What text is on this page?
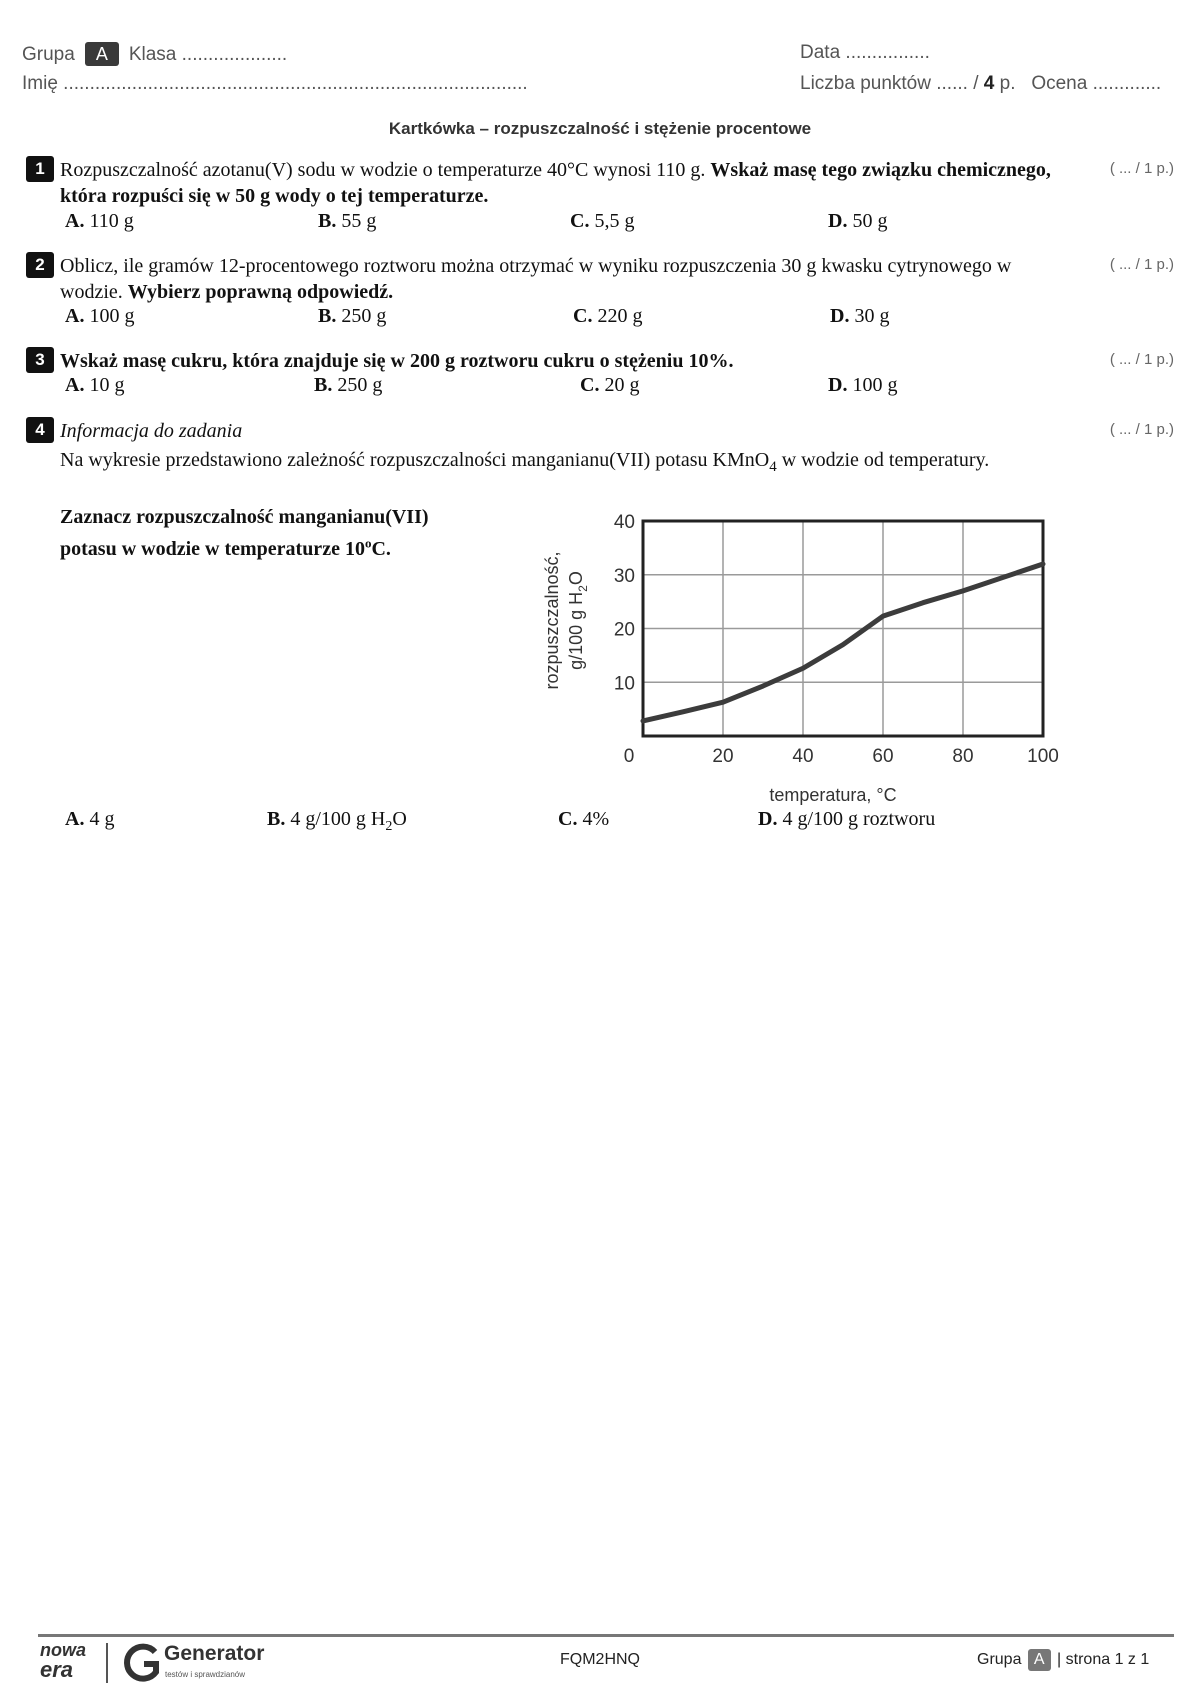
Grupa A Klasa ....................
Imię ........................................................................................
Data ................
Liczba punktów ...... / 4 p. Ocena .............
Kartkówka – rozpuszczalność i stężenie procentowe
1	( ... / 1 p.)
Rozpuszczalność azotanu(V) sodu w wodzie o temperaturze 40°C wynosi 110 g. Wskaż masę tego związku chemicznego, która rozpuści się w 50 g wody o tej temperaturze.
A. 110 g	B. 55 g	C. 5,5 g	D. 50 g
2	( ... / 1 p.)
Oblicz, ile gramów 12-procentowego roztworu można otrzymać w wyniku rozpuszczenia 30 g kwasku cytrynowego w wodzie. Wybierz poprawną odpowiedź.
A. 100 g	B. 250 g	C. 220 g	D. 30 g
3	( ... / 1 p.)
Wskaż masę cukru, która znajduje się w 200 g roztworu cukru o stężeniu 10%.
A. 10 g	B. 250 g	C. 20 g	D. 100 g
4	( ... / 1 p.)
Informacja do zadania
Na wykresie przedstawiono zależność rozpuszczalności manganianu(VII) potasu KMnO$_4$ w wodzie od temperatury.
Zaznacz rozpuszczalność manganianu(VII)
potasu w wodzie w temperaturze 10$^o$C.
0	20	40	60	80	100
10
20
30
40
temperatura, °C
rozpuszczalność, g/100 g $H_2O$
A. 4 g	B. 4 g/100 g $H_2O$	C. 4%	D. 4 g/100 g roztworu
nowa
era
Generator
testów i sprawdzianów
FQM2HNQ	Grupa A | strona 1 z 1
